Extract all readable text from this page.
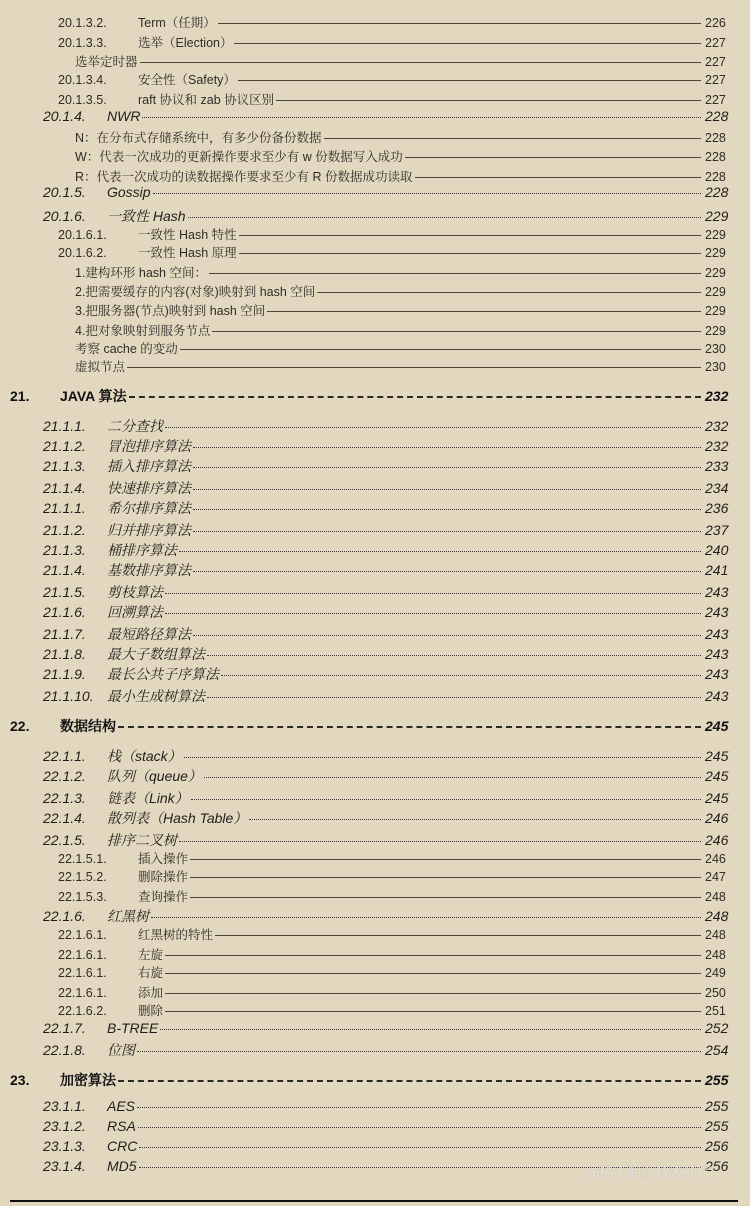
20.1.3.2.	Term（任期）	226
20.1.3.3.	选举（Election）	227
选举定时器	227
20.1.3.4.	安全性（Safety）	227
20.1.3.5.	raft 协议和 zab 协议区别	227
20.1.4.	NWR	228
N：在分布式存储系统中，有多少份备份数据	228
W：代表一次成功的更新操作要求至少有 w 份数据写入成功	228
R：代表一次成功的读数据操作要求至少有 R 份数据成功读取	228
20.1.5.	Gossip	228
20.1.6.	一致性 Hash	229
20.1.6.1.	一致性 Hash 特性	229
20.1.6.2.	一致性 Hash 原理	229
1.建构环形 hash 空间：	229
2.把需要缓存的内容(对象)映射到 hash 空间	229
3.把服务器(节点)映射到 hash 空间	229
4.把对象映射到服务节点	229
考察 cache 的变动	230
虚拟节点	230
21.	JAVA 算法	232
21.1.1.	二分查找	232
21.1.2.	冒泡排序算法	232
21.1.3.	插入排序算法	233
21.1.4.	快速排序算法	234
21.1.1.	希尔排序算法	236
21.1.2.	归并排序算法	237
21.1.3.	桶排序算法	240
21.1.4.	基数排序算法	241
21.1.5.	剪枝算法	243
21.1.6.	回溯算法	243
21.1.7.	最短路径算法	243
21.1.8.	最大子数组算法	243
21.1.9.	最长公共子序算法	243
21.1.10. 最小生成树算法	243
22.	数据结构	245
22.1.1.	栈（stack）	245
22.1.2.	队列（queue）	245
22.1.3.	链表（Link）	245
22.1.4.	散列表（Hash Table）	246
22.1.5.	排序二叉树	246
22.1.5.1.	插入操作	246
22.1.5.2.	删除操作	247
22.1.5.3.	查询操作	248
22.1.6.	红黑树	248
22.1.6.1.	红黑树的特性	248
22.1.6.1.	左旋	248
22.1.6.1.	右旋	249
22.1.6.1.	添加	250
22.1.6.2.	删除	251
22.1.7.	B-TREE	252
22.1.8.	位图	254
23.	加密算法	255
23.1.1.	AES	255
23.1.2.	RSA	255
23.1.3.	CRC	256
23.1.4.	MD5	256
@稀土掘金技术社区
